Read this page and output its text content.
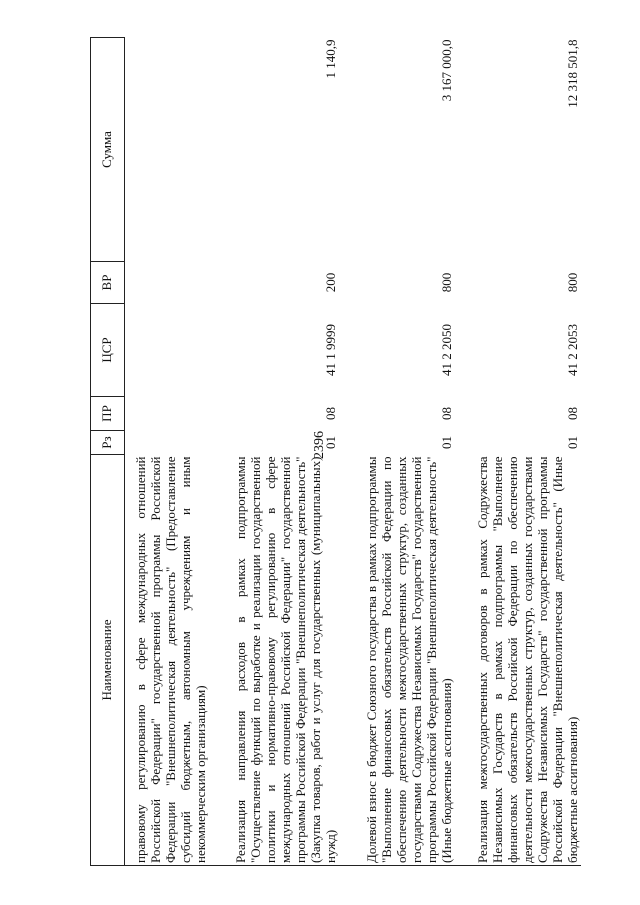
2396
Наименование	Рз	ПР	ЦСР	ВР	Сумма
правовому регулированию в сфере международных отношений Российской Федерации" государственной программы Российской Федерации "Внешнеполитическая деятельность" (Предоставление субсидий бюджетным, автономным учреждениям и иным некоммерческим организациям)					
Реализация направления расходов в рамках подпрограммы "Осуществление функций по выработке и реализации государственной политики и нормативно-правовому регулированию в сфере международных отношений Российской Федерации" государственной программы Российской Федерации "Внешнеполитическая деятельность" (Закупка товаров, работ и услуг для государственных (муниципальных) нужд)	01	08	41 1 9999	200	1 140,9
Долевой взнос в бюджет Союзного государства в рамках подпрограммы "Выполнение финансовых обязательств Российской Федерации по обеспечению деятельности межгосударственных структур, созданных государствами Содружества Независимых Государств" государственной программы Российской Федерации "Внешнеполитическая деятельность" (Иные бюджетные ассигнования)	01	08	41 2 2050	800	3 167 000,0
Реализация межгосударственных договоров в рамках Содружества Независимых Государств в рамках подпрограммы "Выполнение финансовых обязательств Российской Федерации по обеспечению деятельности межгосударственных структур, созданных государствами Содружества Независимых Государств" государственной программы Российской Федерации "Внешнеполитическая деятельность" (Иные бюджетные ассигнования)	01	08	41 2 2053	800	12 318 501,8
